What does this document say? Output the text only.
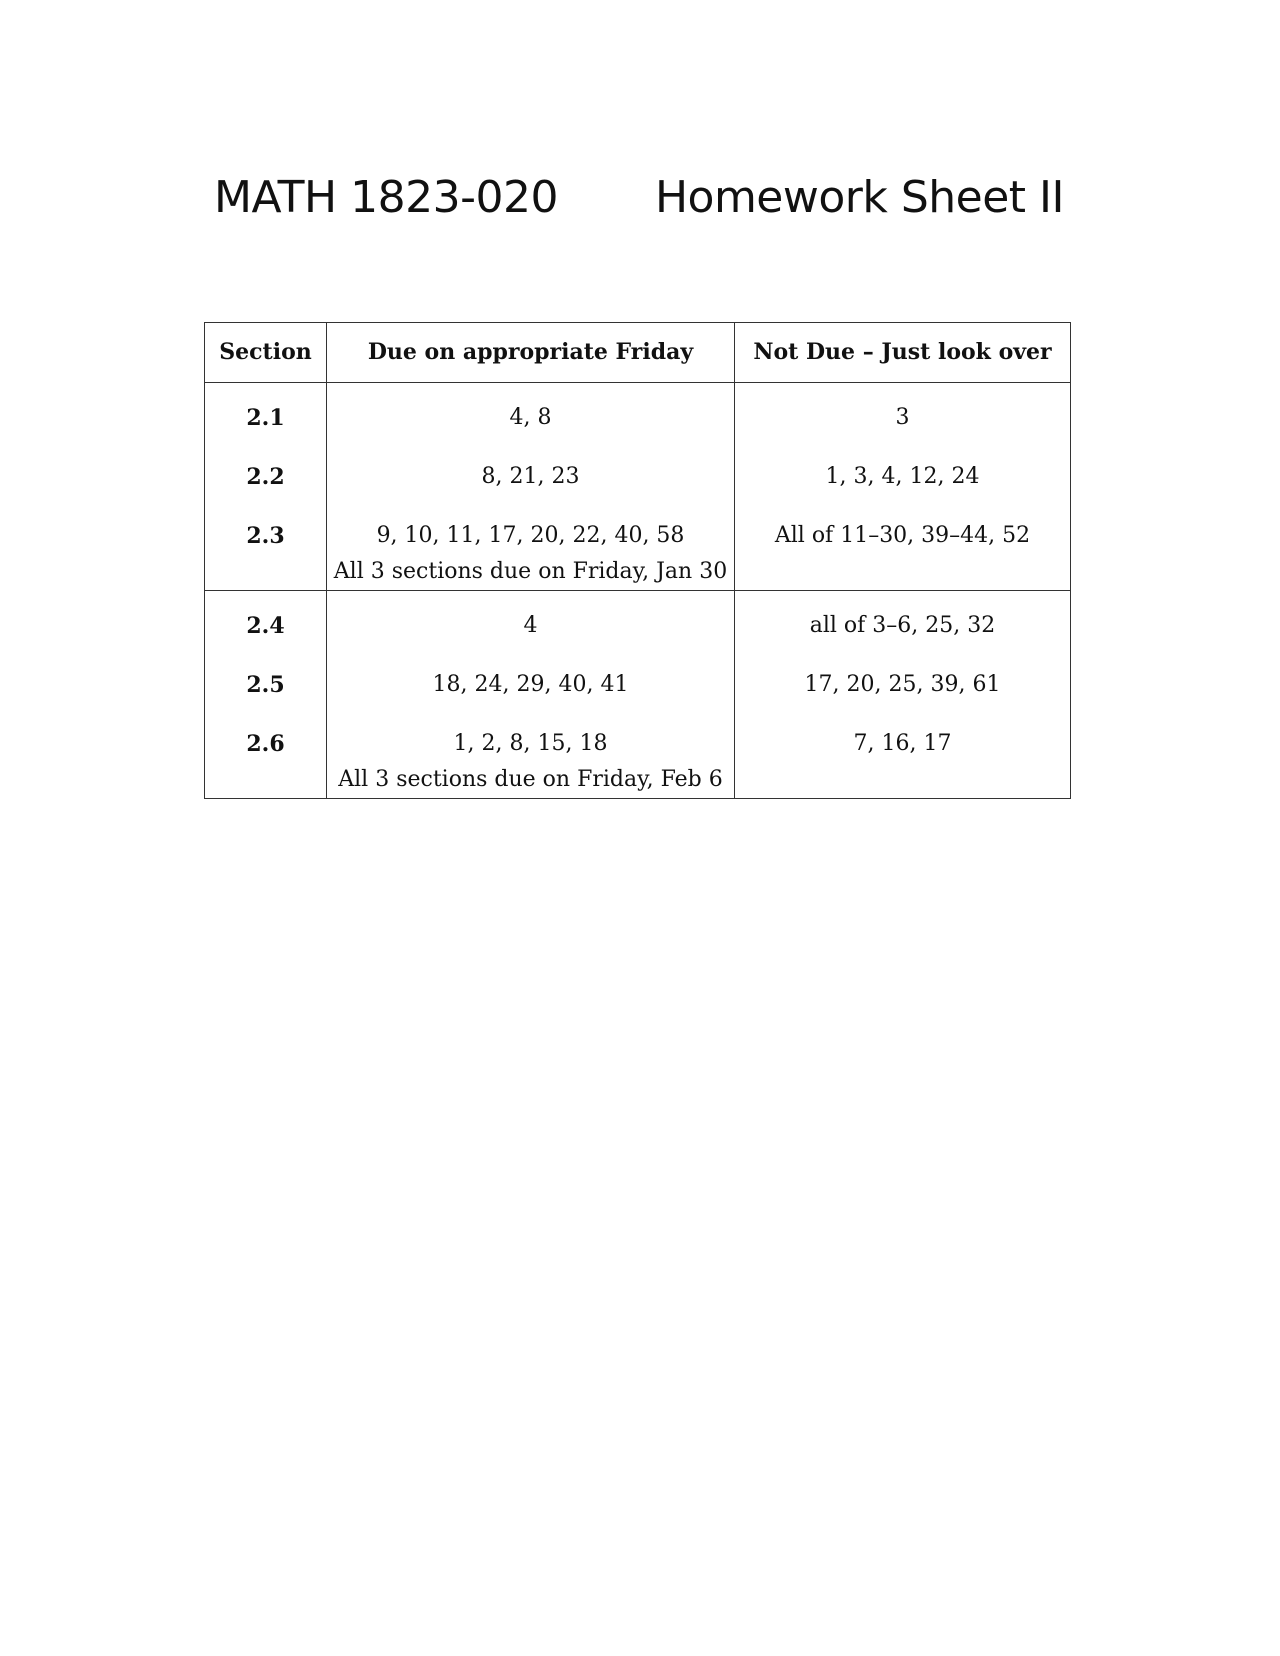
MATH 1823-020 Homework Sheet II
Section	Due on appropriate Friday	Not Due – Just look over
2.1	4, 8	3
2.2	8, 21, 23	1, 3, 4, 12, 24
2.3	9, 10, 11, 17, 20, 22, 40, 58	All of 11–30, 39–44, 52
All 3 sections due on Friday, Jan 30
2.4	4	all of 3–6, 25, 32
2.5	18, 24, 29, 40, 41	17, 20, 25, 39, 61
2.6	1, 2, 8, 15, 18	7, 16, 17
All 3 sections due on Friday, Feb 6
